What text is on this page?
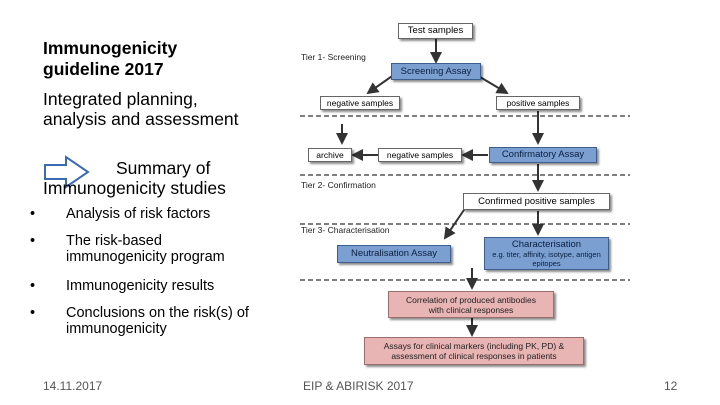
Immunogenicity guideline 2017
Integrated planning, analysis and assessment
Summary of
Immunogenicity studies
• Analysis of risk factors
• The risk-based immunogenicity program
• Immunogenicity results
• Conclusions on the risk(s) of immunogenicity
14.11.2017	EIP & ABIRISK 2017	12
Tier 1- Screening
Tier 2- Confirmation
Tier 3- Characterisation
Test samples
Screening Assay
negative samples	positive samples
archive	negative samples	Confirmatory Assay
Confirmed positive samples
Neutralisation Assay
Characterisation
e.g. titer, affinity, isotype, antigen epitopes
Correlation of produced antibodies with clinical responses
Assays for clinical markers (including PK, PD) & assessment of clinical responses in patients
